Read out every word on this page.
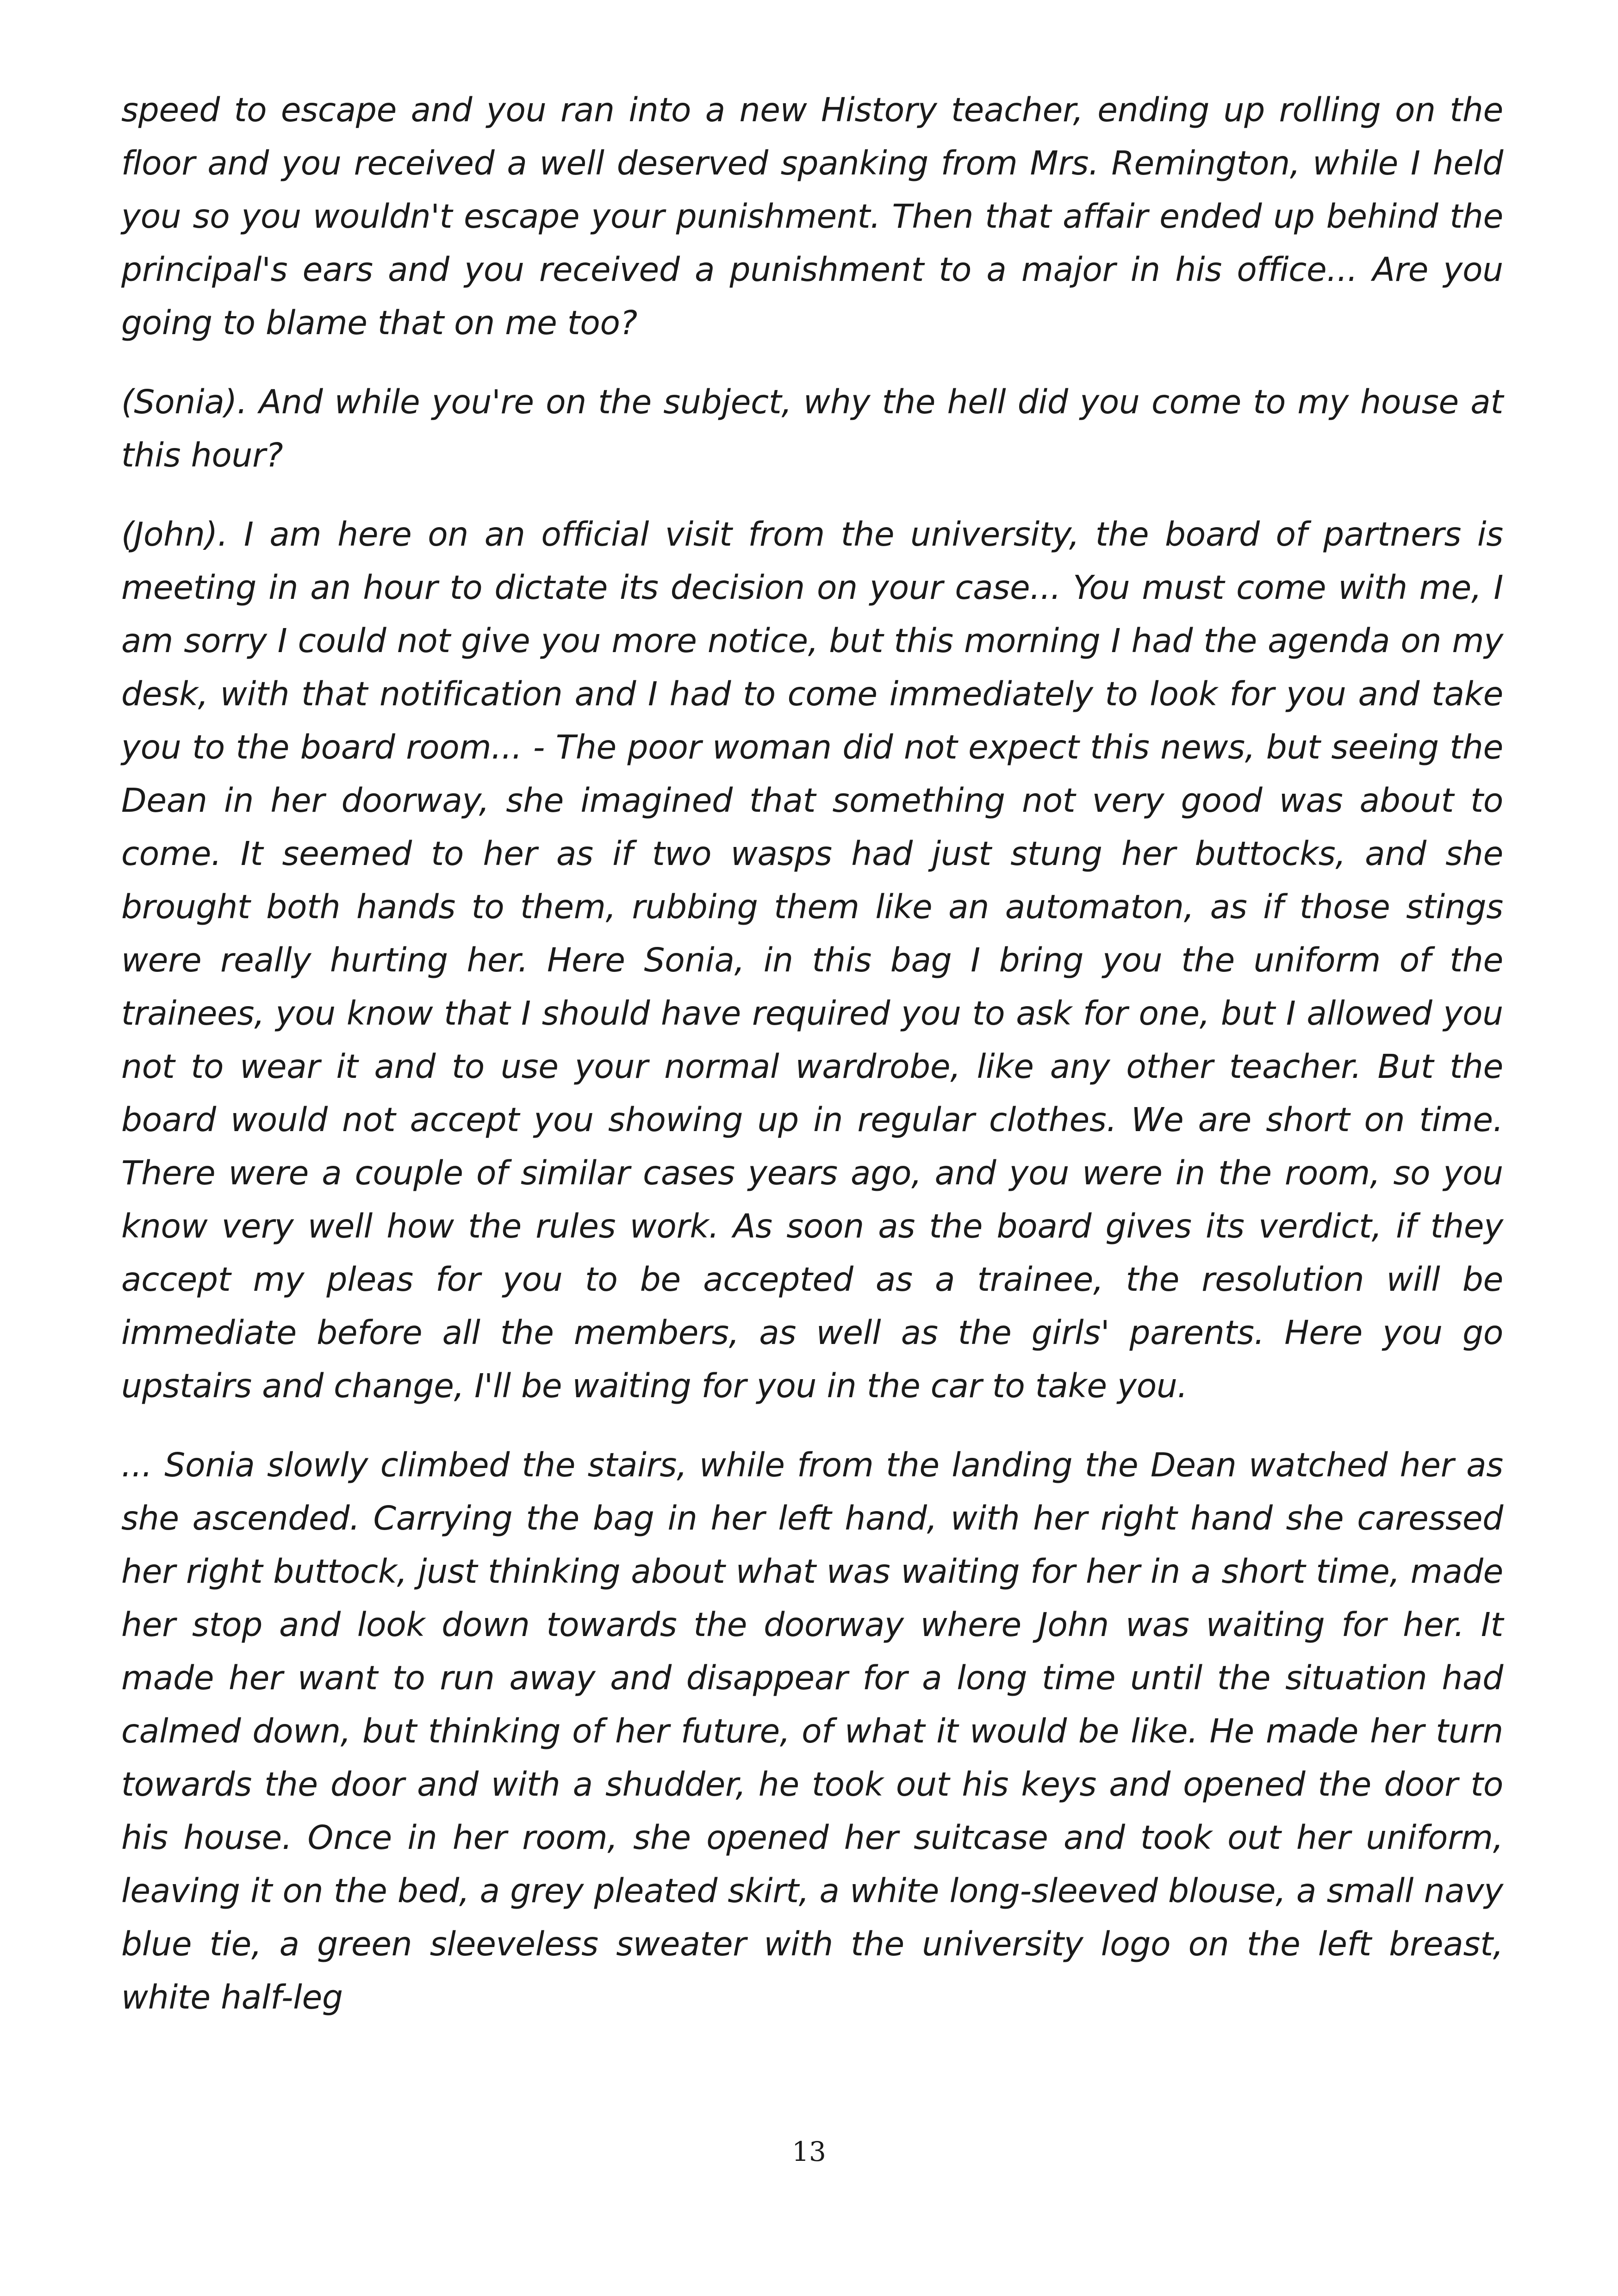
speed to escape and you ran into a new History teacher, ending up rolling on the floor and you received a well deserved spanking from Mrs. Remington, while I held you so you wouldn't escape your punishment. Then that affair ended up behind the principal's ears and you received a punishment to a major in his office... Are you going to blame that on me too?

(Sonia). And while you're on the subject, why the hell did you come to my house at this hour?

(John). I am here on an official visit from the university, the board of partners is meeting in an hour to dictate its decision on your case... You must come with me, I am sorry I could not give you more notice, but this morning I had the agenda on my desk, with that notification and I had to come immediately to look for you and take you to the board room... - The poor woman did not expect this news, but seeing the Dean in her doorway, she imagined that something not very good was about to come. It seemed to her as if two wasps had just stung her buttocks, and she brought both hands to them, rubbing them like an automaton, as if those stings were really hurting her. Here Sonia, in this bag I bring you the uniform of the trainees, you know that I should have required you to ask for one, but I allowed you not to wear it and to use your normal wardrobe, like any other teacher. But the board would not accept you showing up in regular clothes. We are short on time. There were a couple of similar cases years ago, and you were in the room, so you know very well how the rules work. As soon as the board gives its verdict, if they accept my pleas for you to be accepted as a trainee, the resolution will be immediate before all the members, as well as the girls' parents. Here you go upstairs and change, I'll be waiting for you in the car to take you.

... Sonia slowly climbed the stairs, while from the landing the Dean watched her as she ascended. Carrying the bag in her left hand, with her right hand she caressed her right buttock, just thinking about what was waiting for her in a short time, made her stop and look down towards the doorway where John was waiting for her. It made her want to run away and disappear for a long time until the situation had calmed down, but thinking of her future, of what it would be like. He made her turn towards the door and with a shudder, he took out his keys and opened the door to his house. Once in her room, she opened her suitcase and took out her uniform, leaving it on the bed, a grey pleated skirt, a white long-sleeved blouse, a small navy blue tie, a green sleeveless sweater with the university logo on the left breast, white half-leg

13
